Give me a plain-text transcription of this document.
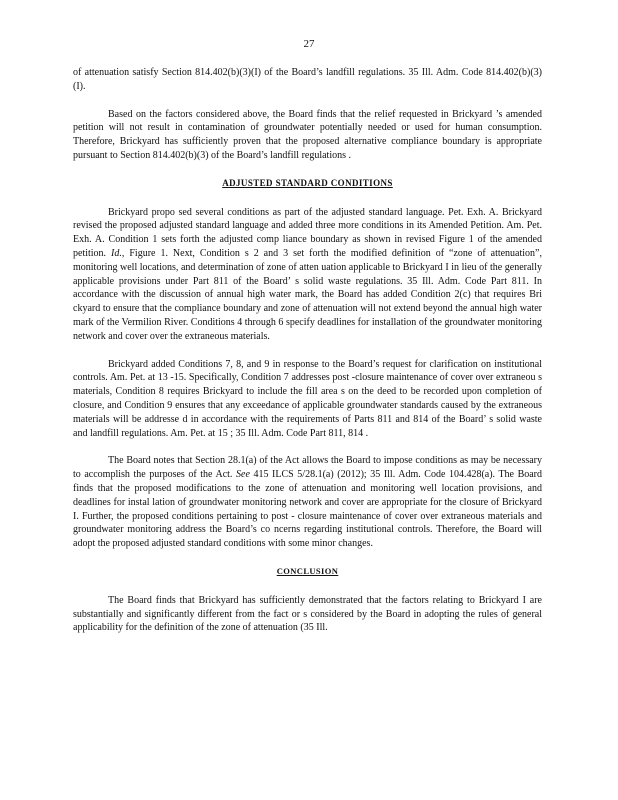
27

of attenuation satisfy Section 814.402(b)(3)(I) of the Board’s landfill regulations. 35 Ill. Adm. Code 814.402(b)(3)(I).

Based on the factors considered above, the Board finds that the relief requested in Brickyard ’s amended petition will not result in contamination of groundwater potentially needed or used for human consumption. Therefore, Brickyard has sufficiently proven that the proposed alternative compliance boundary is appropriate pursuant to Section 814.402(b)(3) of the Board’s landfill regulations .

ADJUSTED STANDARD CONDITIONS

Brickyard propo sed several conditions as part of the adjusted standard language. Pet. Exh. A. Brickyard revised the proposed adjusted standard language and added three more conditions in its Amended Petition. Am. Pet. Exh. A. Condition 1 sets forth the adjusted comp liance boundary as shown in revised Figure 1 of the amended petition. Id., Figure 1. Next, Condition s 2 and 3 set forth the modified definition of “zone of attenuation”, monitoring well locations, and determination of zone of atten uation applicable to Brickyard I in lieu of the generally applicable provisions under Part 811 of the Board’ s solid waste regulations. 35 Ill. Adm. Code Part 811. In accordance with the discussion of annual high water mark, the Board has added Condition 2(c) that requires Bri ckyard to ensure that the compliance boundary and zone of attenuation will not extend beyond the annual high water mark of the Vermilion River. Conditions 4 through 6 specify deadlines for installation of the groundwater monitoring network and cover over the extraneous materials.

Brickyard added Conditions 7, 8, and 9 in response to the Board’s request for clarification on institutional controls. Am. Pet. at 13 -15. Specifically, Condition 7 addresses post -closure maintenance of cover over extraneou s materials, Condition 8 requires Brickyard to include the fill area s on the deed to be recorded upon completion of closure, and Condition 9 ensures that any exceedance of applicable groundwater standards caused by the extraneous materials will be addresse d in accordance with the requirements of Parts 811 and 814 of the Board’ s solid waste and landfill regulations. Am. Pet. at 15 ; 35 Ill. Adm. Code Part 811, 814 .

The Board notes that Section 28.1(a) of the Act allows the Board to impose conditions as may be necessary to accomplish the purposes of the Act. See 415 ILCS 5/28.1(a) (2012); 35 Ill. Adm. Code 104.428(a). The Board finds that the proposed modifications to the zone of attenuation and monitoring well location provisions, and deadlines for instal lation of groundwater monitoring network and cover are appropriate for the closure of Brickyard I. Further, the proposed conditions pertaining to post - closure maintenance of cover over extraneous materials and groundwater monitoring address the Board’s co ncerns regarding institutional controls. Therefore, the Board will adopt the proposed adjusted standard conditions with some minor changes.

CONCLUSION

The Board finds that Brickyard has sufficiently demonstrated that the factors relating to Brickyard I are substantially and significantly different from the fact or s considered by the Board in adopting the rules of general applicability for the definition of the zone of attenuation (35 Ill.
